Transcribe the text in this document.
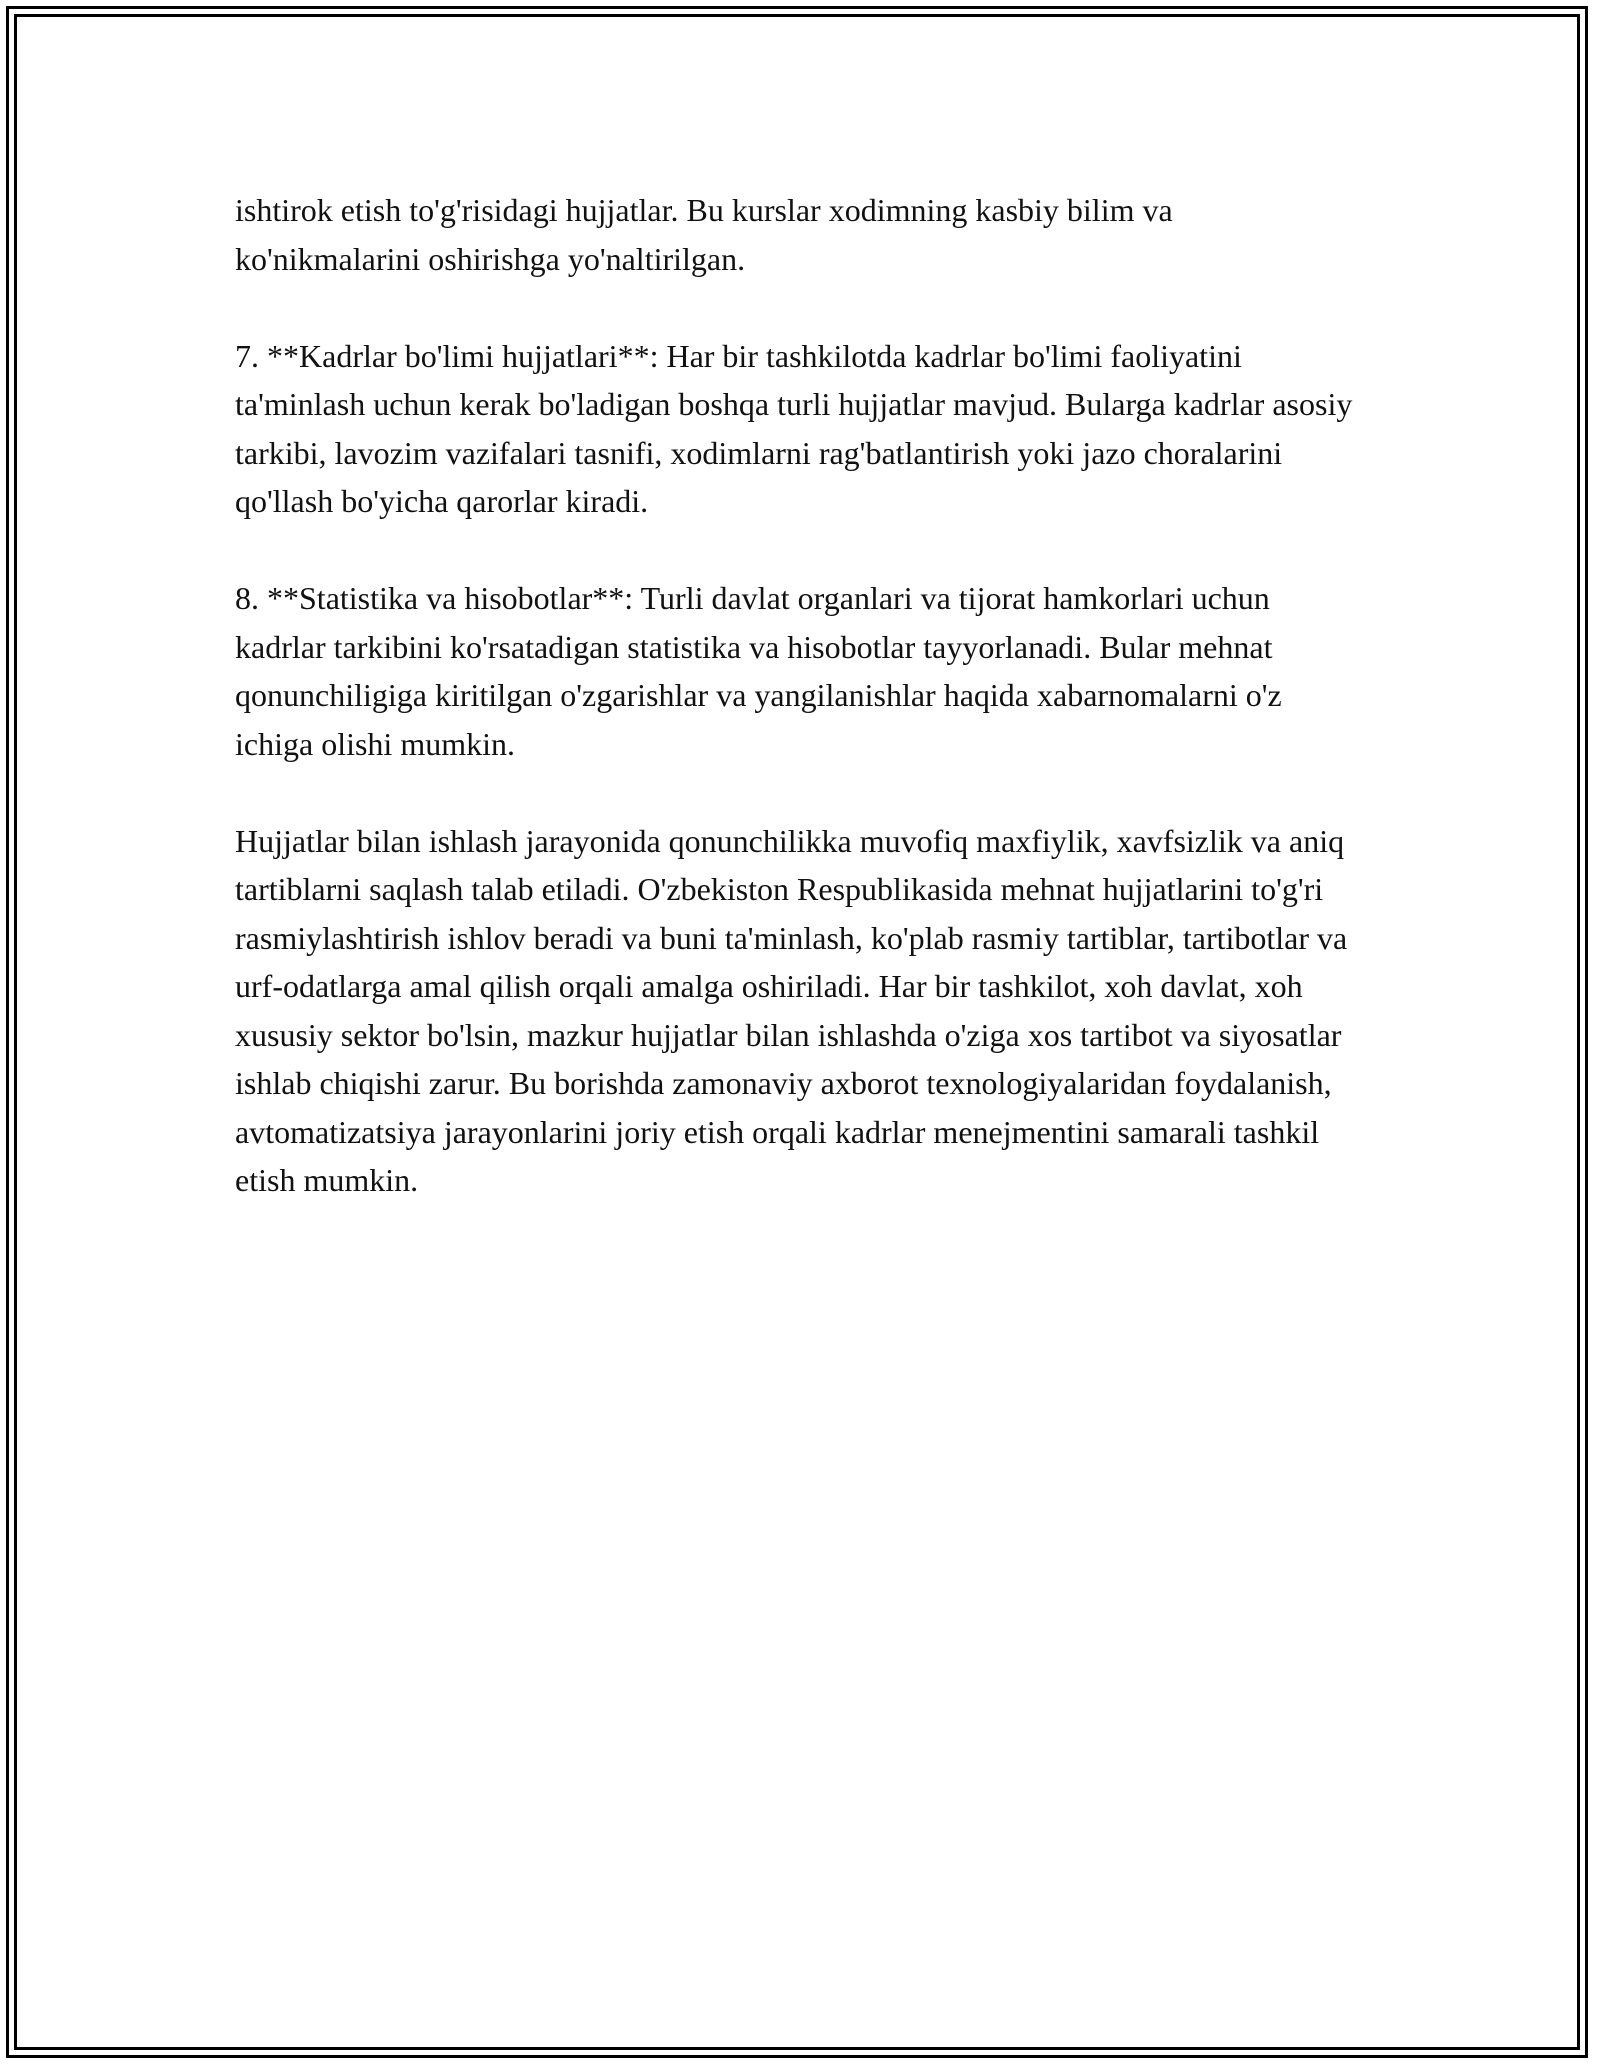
ishtirok etish to'g'risidagi hujjatlar. Bu kurslar xodimning kasbiy bilim va ko'nikmalarini oshirishga yo'naltirilgan.

7. **Kadrlar bo'limi hujjatlari**: Har bir tashkilotda kadrlar bo'limi faoliyatini ta'minlash uchun kerak bo'ladigan boshqa turli hujjatlar mavjud. Bularga kadrlar asosiy tarkibi, lavozim vazifalari tasnifi, xodimlarni rag'batlantirish yoki jazo choralarini qo'llash bo'yicha qarorlar kiradi.

8. **Statistika va hisobotlar**: Turli davlat organlari va tijorat hamkorlari uchun kadrlar tarkibini ko'rsatadigan statistika va hisobotlar tayyorlanadi. Bular mehnat qonunchiligiga kiritilgan o'zgarishlar va yangilanishlar haqida xabarnomalarni o'z ichiga olishi mumkin.

Hujjatlar bilan ishlash jarayonida qonunchilikka muvofiq maxfiylik, xavfsizlik va aniq tartiblarni saqlash talab etiladi. O'zbekiston Respublikasida mehnat hujjatlarini to'g'ri rasmiylashtirish ishlov beradi va buni ta'minlash, ko'plab rasmiy tartiblar, tartibotlar va urf-odatlarga amal qilish orqali amalga oshiriladi. Har bir tashkilot, xoh davlat, xoh xususiy sektor bo'lsin, mazkur hujjatlar bilan ishlashda o'ziga xos tartibot va siyosatlar ishlab chiqishi zarur. Bu borishda zamonaviy axborot texnologiyalaridan foydalanish, avtomatizatsiya jarayonlarini joriy etish orqali kadrlar menejmentini samarali tashkil etish mumkin.
